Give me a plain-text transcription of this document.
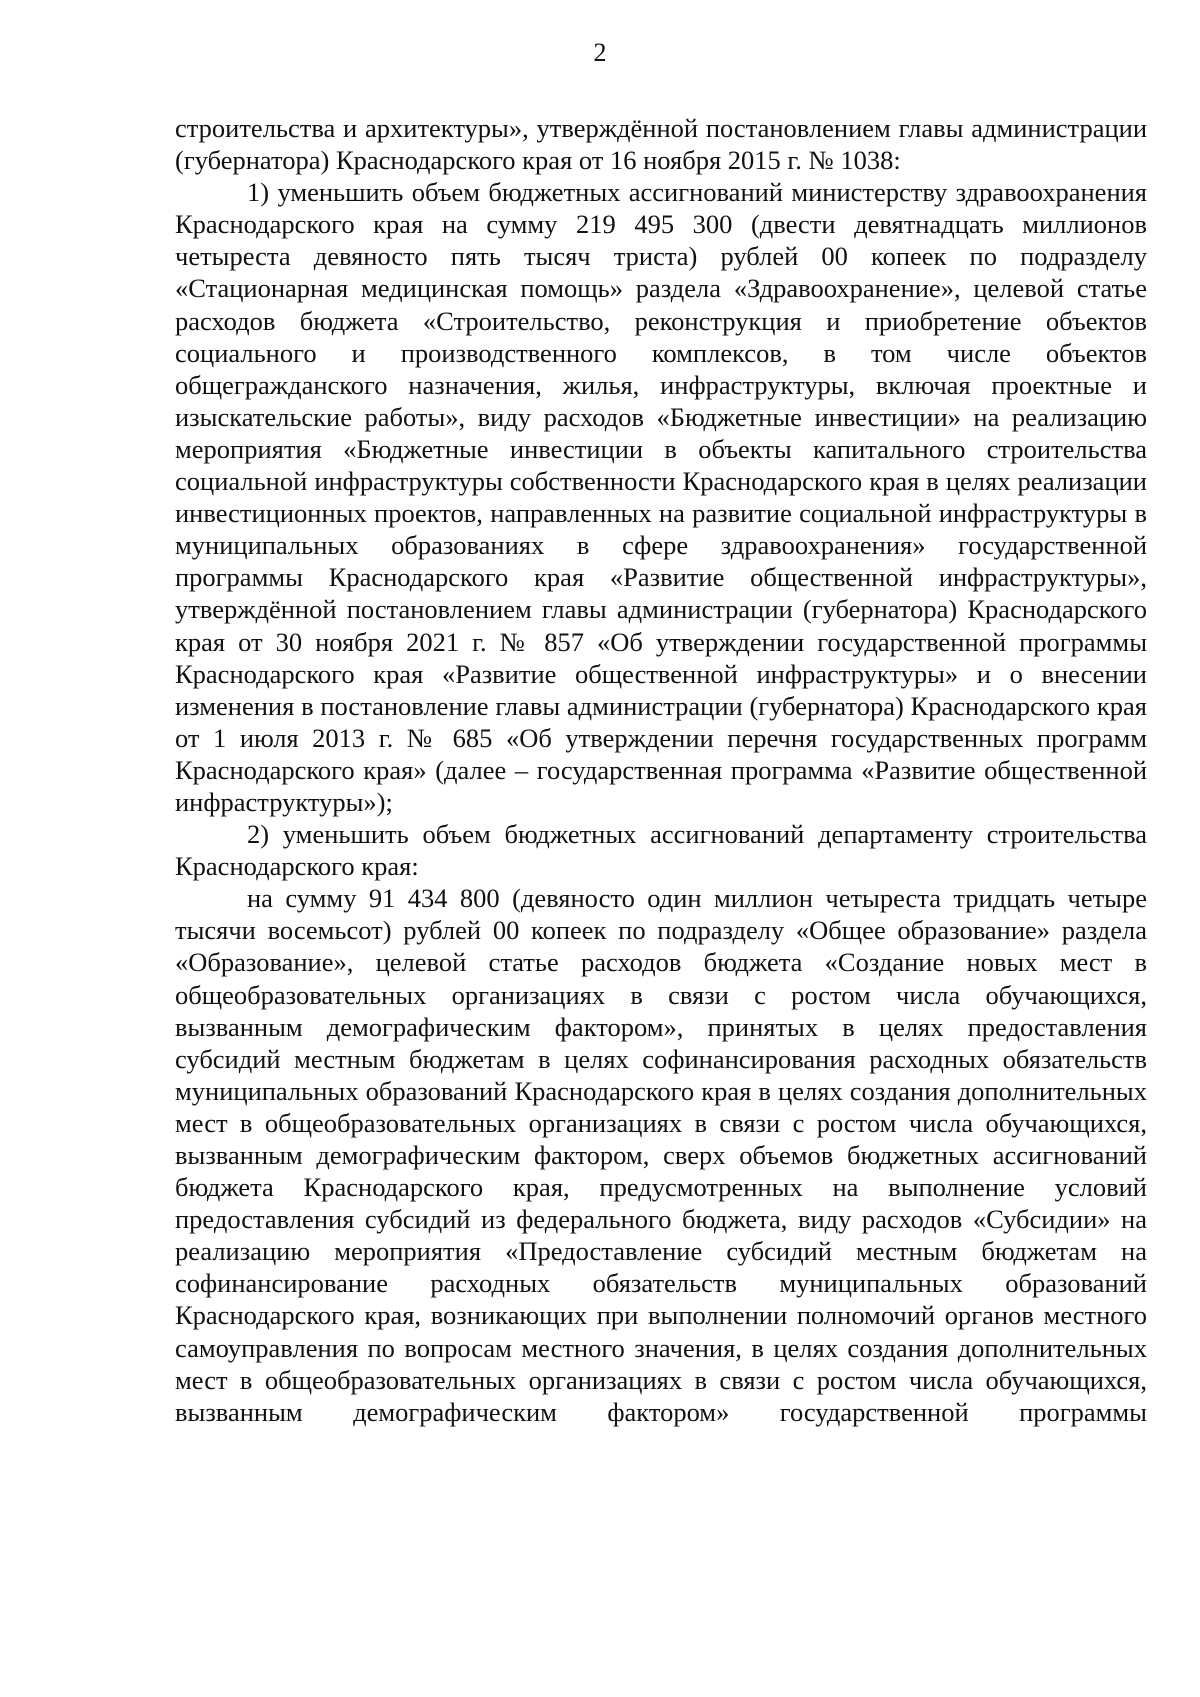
2

строительства и архитектуры», утверждённой постановлением главы администрации (губернатора) Краснодарского края от 16 ноября 2015 г. № 1038:

1) уменьшить объем бюджетных ассигнований министерству здравоохранения Краснодарского края на сумму 219 495 300 (двести девятнадцать миллионов четыреста девяносто пять тысяч триста) рублей 00 копеек по подразделу «Стационарная медицинская помощь» раздела «Здравоохранение», целевой статье расходов бюджета «Строительство, реконструкция и приобретение объектов социального и производственного комплексов, в том числе объектов общегражданского назначения, жилья, инфраструктуры, включая проектные и изыскательские работы», виду расходов «Бюджетные инвестиции» на реализацию мероприятия «Бюджетные инвестиции в объекты капитального строительства социальной инфраструктуры собственности Краснодарского края в целях реализации инвестиционных проектов, направленных на развитие социальной инфраструктуры в муниципальных образованиях в сфере здравоохранения» государственной программы Краснодарского края «Развитие общественной инфраструктуры», утверждённой постановлением главы администрации (губернатора) Краснодарского края от 30 ноября 2021 г. № 857 «Об утверждении государственной программы Краснодарского края «Развитие общественной инфраструктуры» и о внесении изменения в постановление главы администрации (губернатора) Краснодарского края от 1 июля 2013 г. № 685 «Об утверждении перечня государственных программ Краснодарского края» (далее – государственная программа «Развитие общественной инфраструктуры»);

2) уменьшить объем бюджетных ассигнований департаменту строительства Краснодарского края:

на сумму 91 434 800 (девяносто один миллион четыреста тридцать четыре тысячи восемьсот) рублей 00 копеек по подразделу «Общее образование» раздела «Образование», целевой статье расходов бюджета «Создание новых мест в общеобразовательных организациях в связи с ростом числа обучающихся, вызванным демографическим фактором», принятых в целях предоставления субсидий местным бюджетам в целях софинансирования расходных обязательств муниципальных образований Краснодарского края в целях создания дополнительных мест в общеобразовательных организациях в связи с ростом числа обучающихся, вызванным демографическим фактором, сверх объемов бюджетных ассигнований бюджета Краснодарского края, предусмотренных на выполнение условий предоставления субсидий из федерального бюджета, виду расходов «Субсидии» на реализацию мероприятия «Предоставление субсидий местным бюджетам на софинансирование расходных обязательств муниципальных образований Краснодарского края, возникающих при выполнении полномочий органов местного самоуправления по вопросам местного значения, в целях создания дополнительных мест в общеобразовательных организациях в связи с ростом числа обучающихся, вызванным демографическим фактором» государственной программы
